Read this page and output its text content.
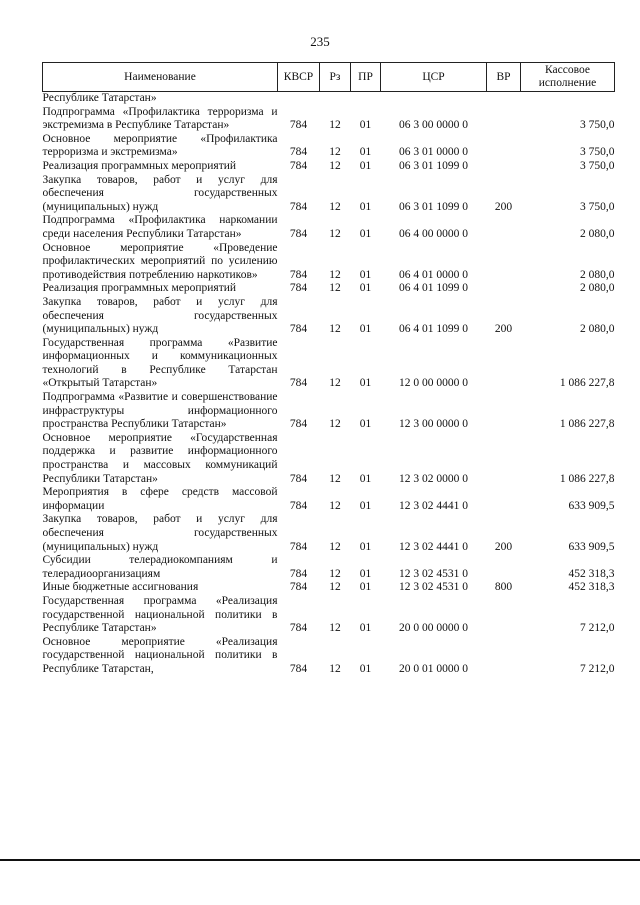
235
Наименование	КВСР	Рз	ПР	ЦСР	ВР	Кассовое исполнение
Республике Татарстан»						
Подпрограмма «Профилактика терроризма и экстремизма в Республике Татарстан»	784	12	01	06 3 00 0000 0		3 750,0
Основное мероприятие «Профилактика терроризма и экстремизма»	784	12	01	06 3 01 0000 0		3 750,0
Реализация программных мероприятий	784	12	01	06 3 01 1099 0		3 750,0
Закупка товаров, работ и услуг для обеспечения государственных (муниципальных) нужд	784	12	01	06 3 01 1099 0	200	3 750,0
Подпрограмма «Профилактика наркомании среди населения Республики Татарстан»	784	12	01	06 4 00 0000 0		2 080,0
Основное мероприятие «Проведение профилактических мероприятий по усилению противодействия потреблению наркотиков»	784	12	01	06 4 01 0000 0		2 080,0
Реализация программных мероприятий	784	12	01	06 4 01 1099 0		2 080,0
Закупка товаров, работ и услуг для обеспечения государственных (муниципальных) нужд	784	12	01	06 4 01 1099 0	200	2 080,0
Государственная программа «Развитие информационных и коммуникационных технологий в Республике Татарстан «Открытый Татарстан»	784	12	01	12 0 00 0000 0		1 086 227,8
Подпрограмма «Развитие и совершенствование инфраструктуры информационного пространства Республики Татарстан»	784	12	01	12 3 00 0000 0		1 086 227,8
Основное мероприятие «Государственная поддержка и развитие информационного пространства и массовых коммуникаций Республики Татарстан»	784	12	01	12 3 02 0000 0		1 086 227,8
Мероприятия в сфере средств массовой информации	784	12	01	12 3 02 4441 0		633 909,5
Закупка товаров, работ и услуг для обеспечения государственных (муниципальных) нужд	784	12	01	12 3 02 4441 0	200	633 909,5
Субсидии телерадиокомпаниям и телерадиоорганизациям	784	12	01	12 3 02 4531 0		452 318,3
Иные бюджетные ассигнования	784	12	01	12 3 02 4531 0	800	452 318,3
Государственная программа «Реализация государственной национальной политики в Республике Татарстан»	784	12	01	20 0 00 0000 0		7 212,0
Основное мероприятие «Реализация государственной национальной политики в Республике Татарстан,	784	12	01	20 0 01 0000 0		7 212,0
